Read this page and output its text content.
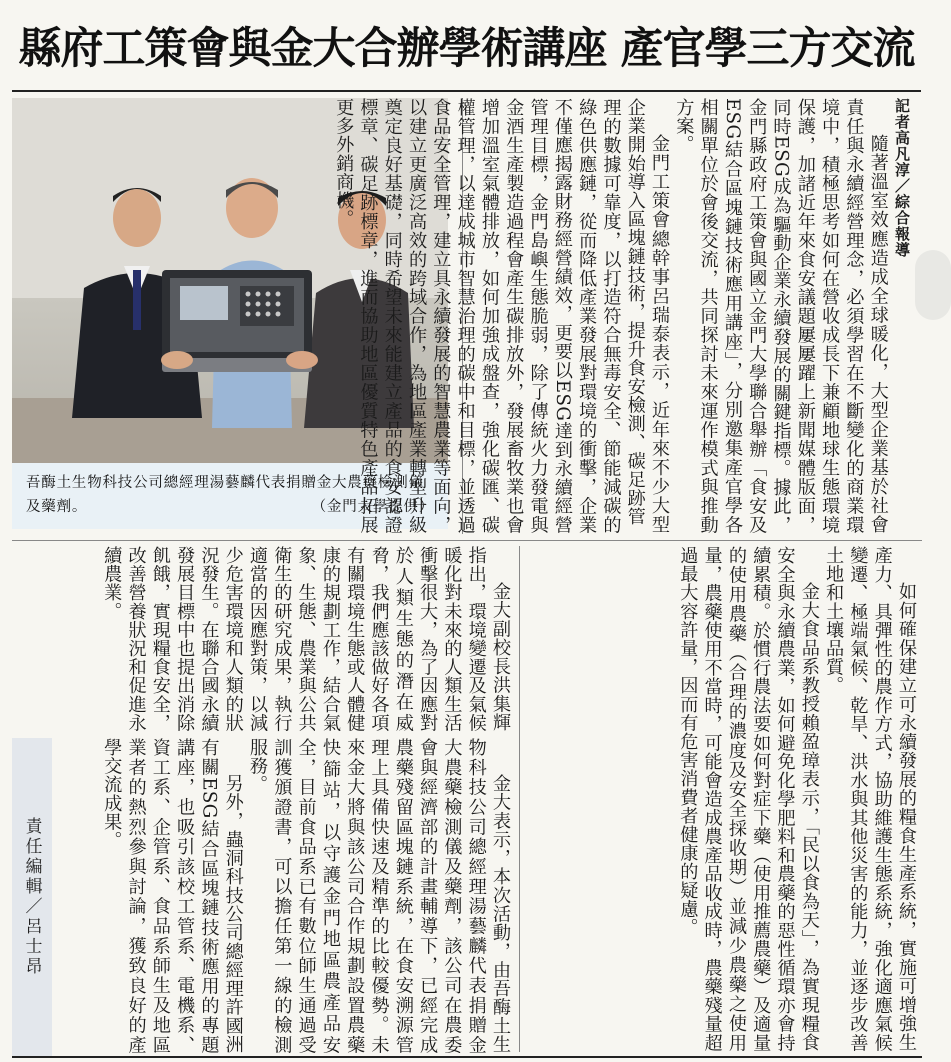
縣府工策會與金大合辦學術講座 產官學三方交流
吾酶土生物科技公司總經理湯藝麟代表捐贈金大農藥檢測儀及藥劑。	（金門大學提供）

記者高凡淳／綜合報導

隨著溫室效應造成全球暖化，大型企業基於社會責任與永續經營理念，必須學習在不斷變化的商業環境中，積極思考如何在營收成長下兼顧地球生態環境保護，加諸近年來食安議題屢屢躍上新聞媒體版面，同時ESG成為驅動企業永續發展的關鍵指標。據此，金門縣政府工策會與國立金門大學聯合舉辦「食安及ESG結合區塊鏈技術應用講座」，分別邀集產官學各相關單位於會後交流，共同探討未來運作模式與推動方案。

金門工策會總幹事呂瑞泰表示，近年來不少大型企業開始導入區塊鏈技術，提升食安檢測、碳足跡管

理的數據可靠度，以打造符合無毒安全、節能減碳的綠色供應鏈，從而降低產業發展對環境的衝擊，企業不僅應揭露財務經營績效，更要以ESG達到永續經營管理目標，金門島嶼生態脆弱，除了傳統火力發電與金酒生產製造過程會產生碳排放外，發展畜牧業也會增加溫室氣體排放，如何加強成盤查，強化碳匯、碳權管理，以達成城市智慧治理的碳中和目標，並透過食品安全管理，建立具永續發展的智慧農業等面向，以建立更廣泛高效的跨域合作，為地區產業轉型升級奠定良好基礎，同時希望未來能建立產品的食安認證標章、碳足跡標章，進而協助地區優質特色產品拓展更多外銷商機。

如何確保建立可永續發展的糧食生產系統，實施可增強生產力、具彈性的農作方式，協助維護生態系統，強化適應氣候變遷、極端氣候、乾旱、洪水與其他災害的能力，並逐步改善土地和土壤品質。

金大食品系教授賴盈璋表示，「民以食為天」，為實現糧食安全與永續農業，如何避免化學肥料和農藥的惡性循環亦會持續累積。於慣行農法要如何對症下藥（使用推薦農藥）及適量的使用農藥（合理的濃度及安全採收期）並減少農藥之使用量，農藥使用不當時，可能會造成農產品收成時，農藥殘量超過最大容許量，因而有危害消費者健康的疑慮。

金大副校長洪集輝指出，環境變遷及氣候暖化對未來的人類生活衝擊很大，為了因應對於人類生態的潛在威脅，我們應該做好各項有關環境生態或人體健康的規劃工作，結合氣象、生態、農業與公共衛生的研究成果，執行適當的因應對策，以減少危害環境和人類的狀況發生。在聯合國永續發展目標中也提出消除飢餓，實現糧食安全，改善營養狀況和促進永續農業。

金大表示，本次活動，由吾酶土生物科技公司總經理湯藝麟代表捐贈金大農藥檢測儀及藥劑，該公司在農委會與經濟部的計畫輔導下，已經完成農藥殘留區塊鏈系統，在食安溯源管理上具備快速及精準的比較優勢。未來金大將與該公司合作規劃設置農藥快篩站，以守護金門地區農產品安全，目前食品系已有數位師生通過受訓獲頒證書，可以擔任第一線的檢測服務。

另外，蟲洞科技公司總經理許國洲有關ESG結合區塊鏈技術應用的專題講座，也吸引該校工管系、電機系、資工系、企管系、食品系師生及地區業者的熱烈參與討論，獲致良好的產學交流成果。

責任編輯／呂士昂
